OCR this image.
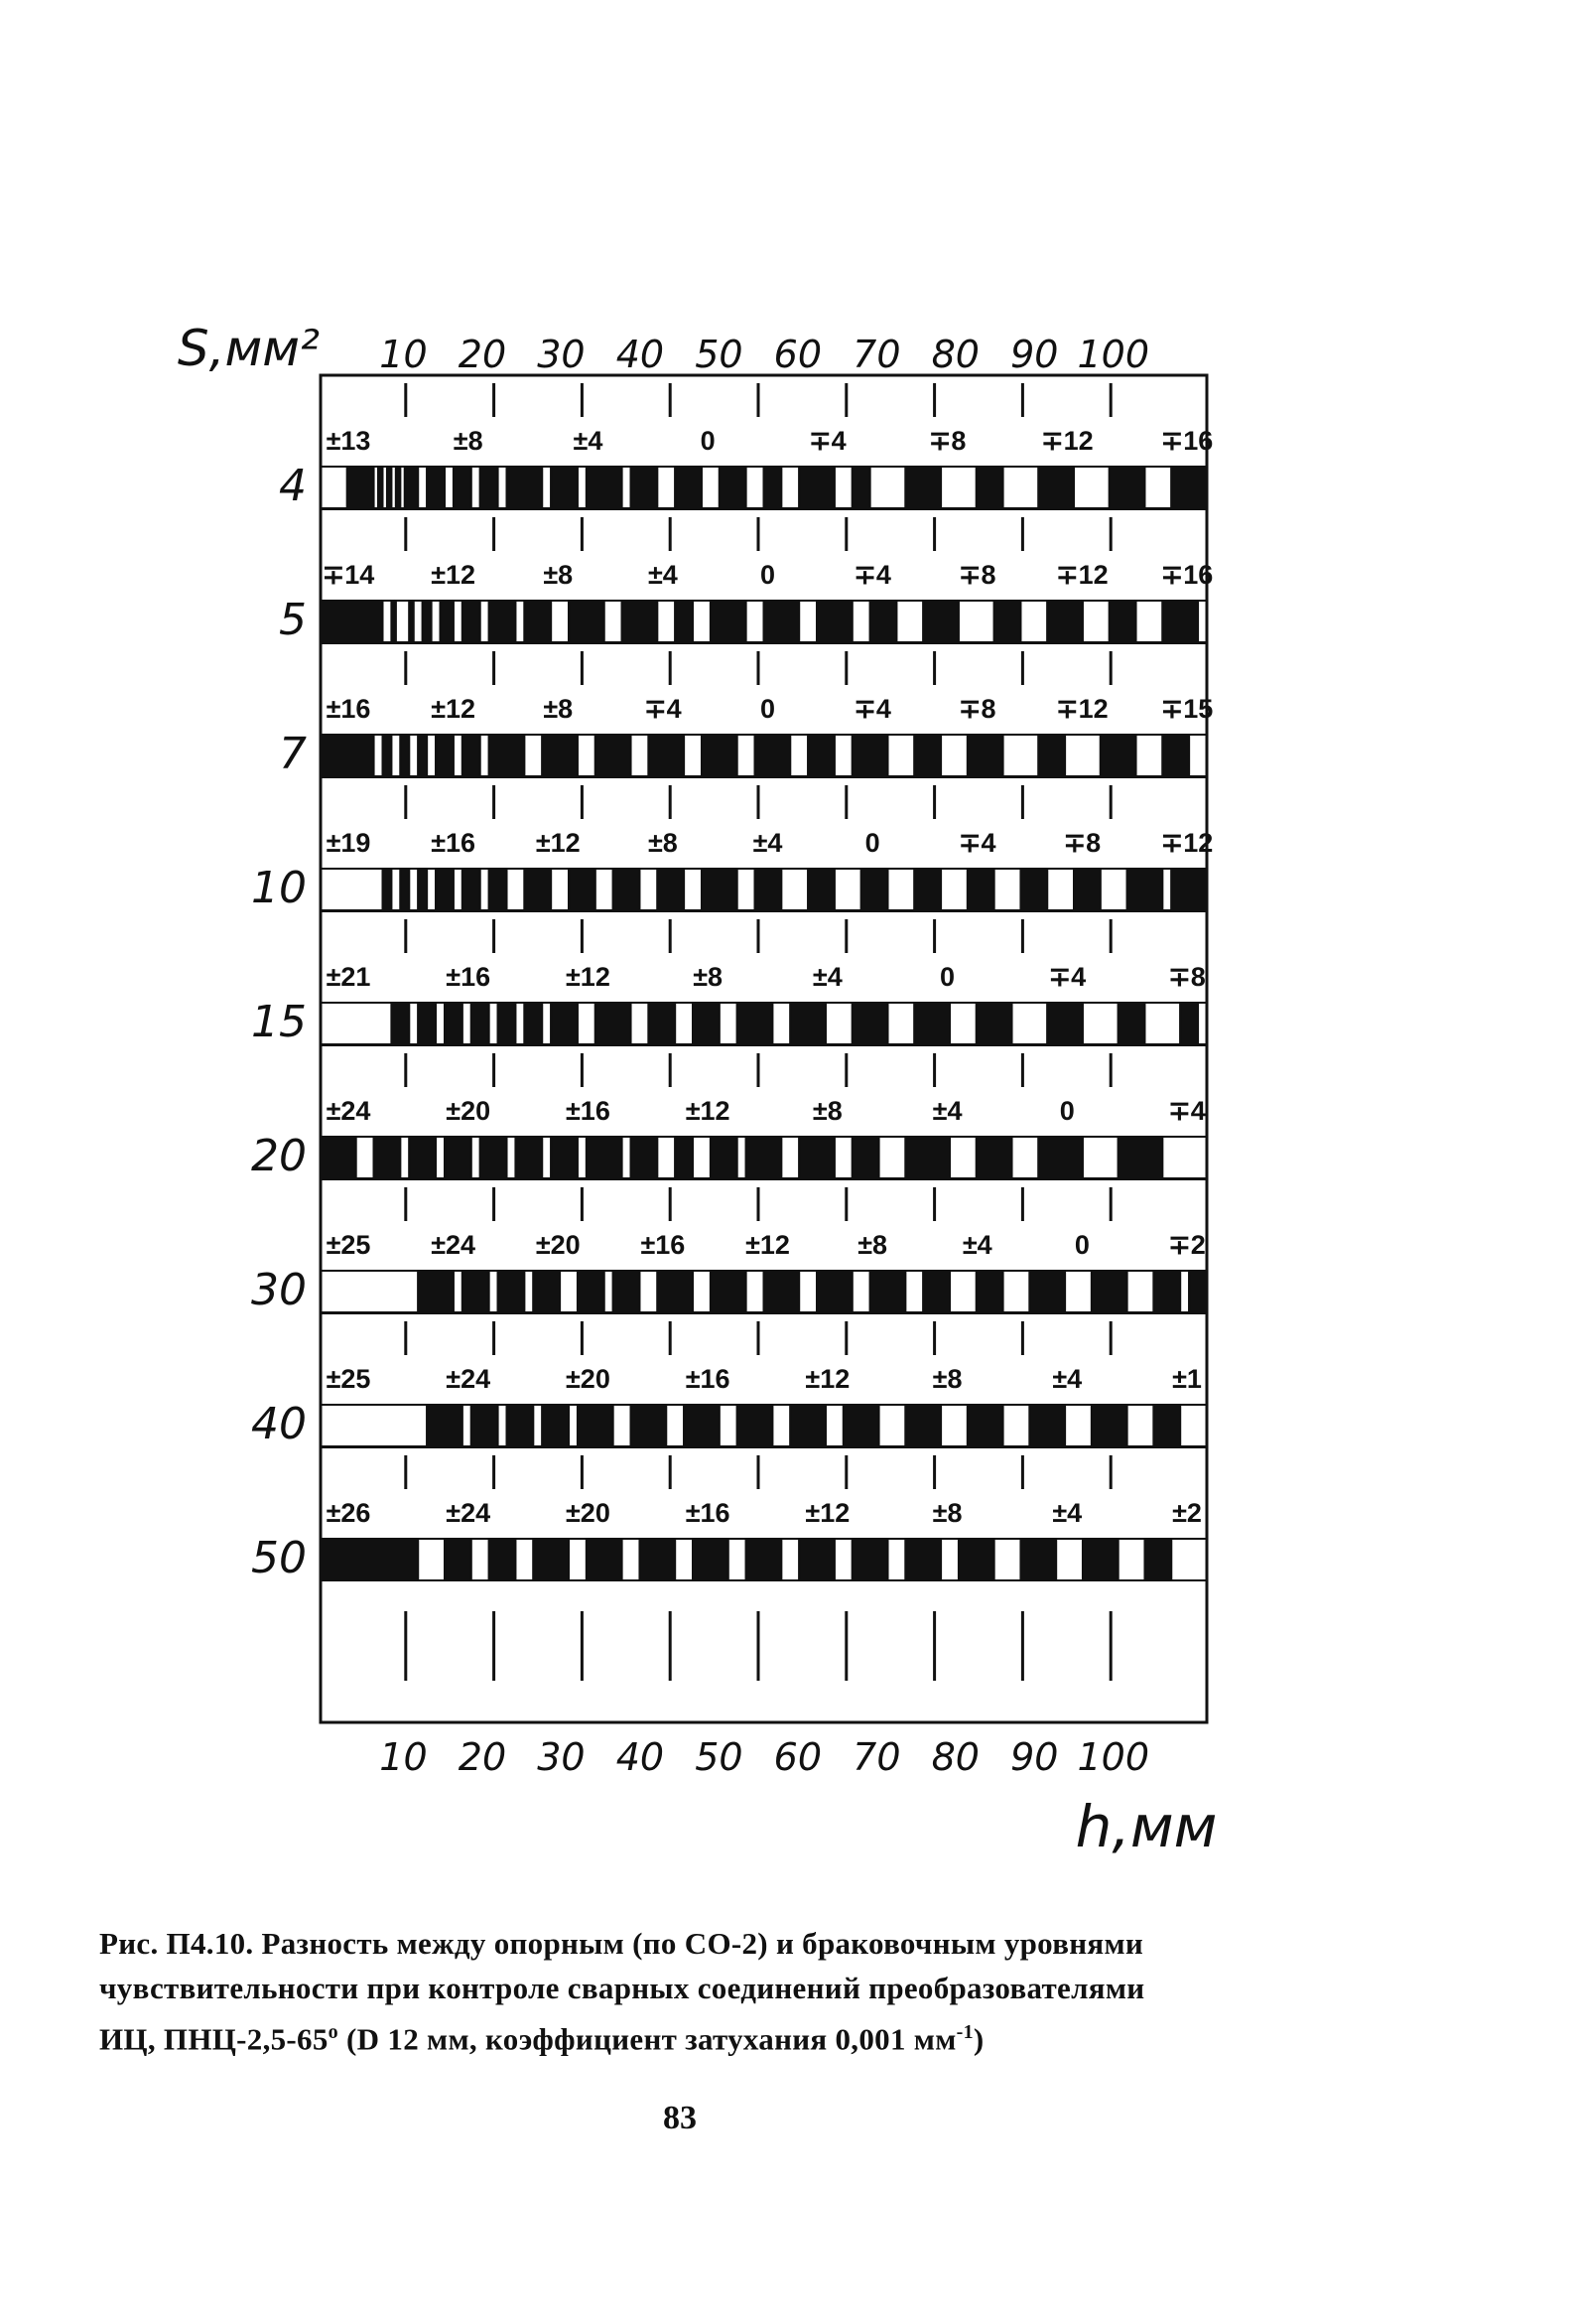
S,мм² 10
10
20
20
30
30
40
40
50
50
60
60
70
70
80
80
90
90
100
100
±13	±8	±4	0	∓4	∓8	∓12	∓16
4
∓14 ±12	±8	±4	0	∓4	∓8 ∓12 ∓16
5
±16 ±12	±8	∓4	0	∓4	∓8 ∓12 ∓15
7
±19 ±16 ±12	±8	±4	0	∓4	∓8 ∓12
10
±21	±16	±12	±8	±4	0	∓4	∓8
15
±24	±20	±16	±12	±8	±4	0	∓4
20
±25 ±24 ±20 ±16 ±12	±8	±4	0	∓2
30
±25	±24	±20	±16	±12	±8	±4	±1
40
±26	±24	±20	±16	±12	±8	±4	±2
50
h,мм

Рис. П4.10. Разность между опорным (по СО-2) и браковочным уровнями чувствительности при контроле сварных соединений преобразователями ИЦ, ПНЦ-$2,5-65^о$ (D 12 мм, коэффициент затухания 0,001 $мм^{-1}$)

83
